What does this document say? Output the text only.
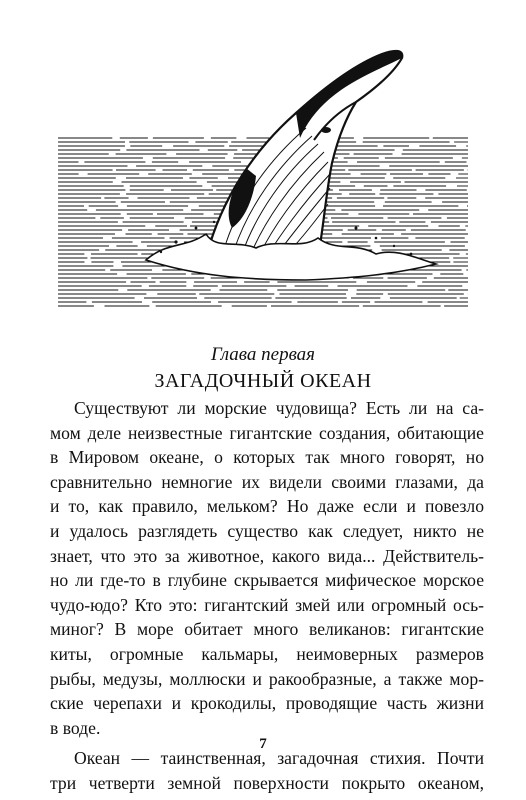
Глава первая
ЗАГАДОЧНЫЙ ОКЕАН
Существуют ли морские чудовища? Есть ли на са-
мом деле неизвестные гигантские создания, обитающие
в Мировом океане, о которых так много говорят, но
сравнительно немногие их видели своими глазами, да
и то, как правило, мельком? Но даже если и повезло
и удалось разглядеть существо как следует, никто не
знает, что это за животное, какого вида... Действитель-
но ли где-то в глубине скрывается мифическое морское
чудо-юдо? Кто это: гигантский змей или огромный ось-
миног? В море обитает много великанов: гигантские
киты, огромные кальмары, неимоверных размеров
рыбы, медузы, моллюски и ракообразные, а также мор-
ские черепахи и крокодилы, проводящие часть жизни
в воде.
Океан — таинственная, загадочная стихия. Почти
три четверти земной поверхности покрыто океаном,
7
